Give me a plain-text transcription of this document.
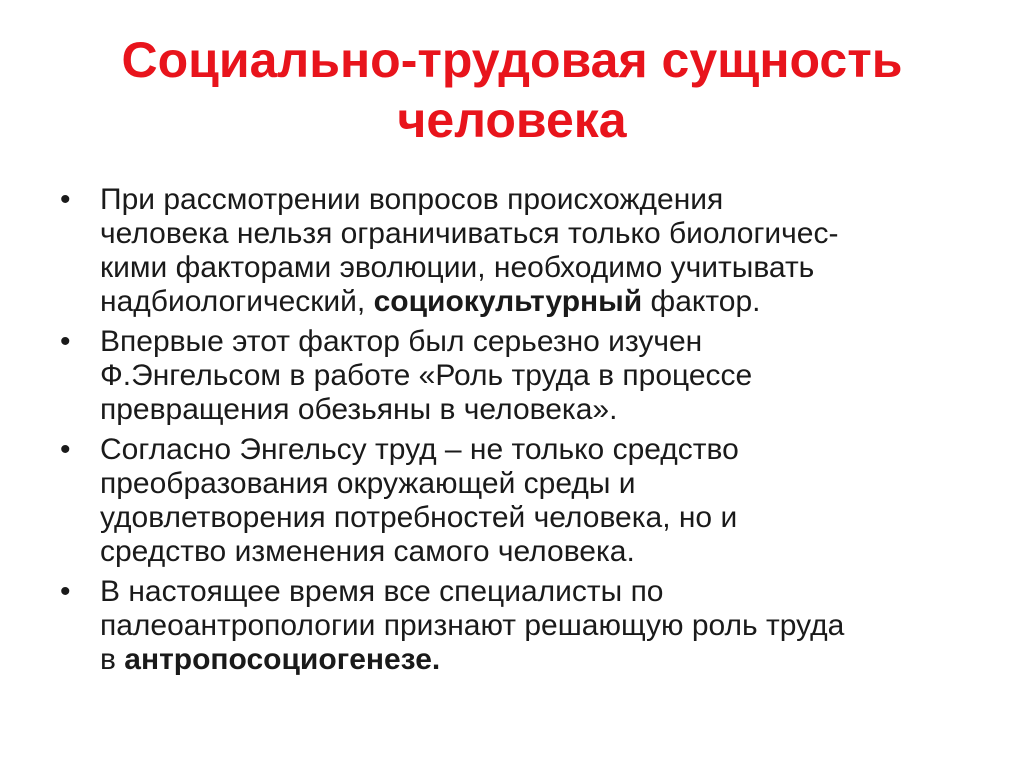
Социально-трудовая сущность
человека
• При рассмотрении вопросов происхождения
человека нельзя ограничиваться только биологичес-
кими факторами эволюции, необходимо учитывать
надбиологический, социокультурный фактор.
• Впервые этот фактор был серьезно изучен
Ф.Энгельсом в работе «Роль труда в процессе
превращения обезьяны в человека».
• Согласно Энгельсу труд – не только средство
преобразования окружающей среды и
удовлетворения потребностей человека, но и
средство изменения самого человека.
• В настоящее время все специалисты по
палеоантропологии признают решающую роль труда
в антропосоциогенезе.
